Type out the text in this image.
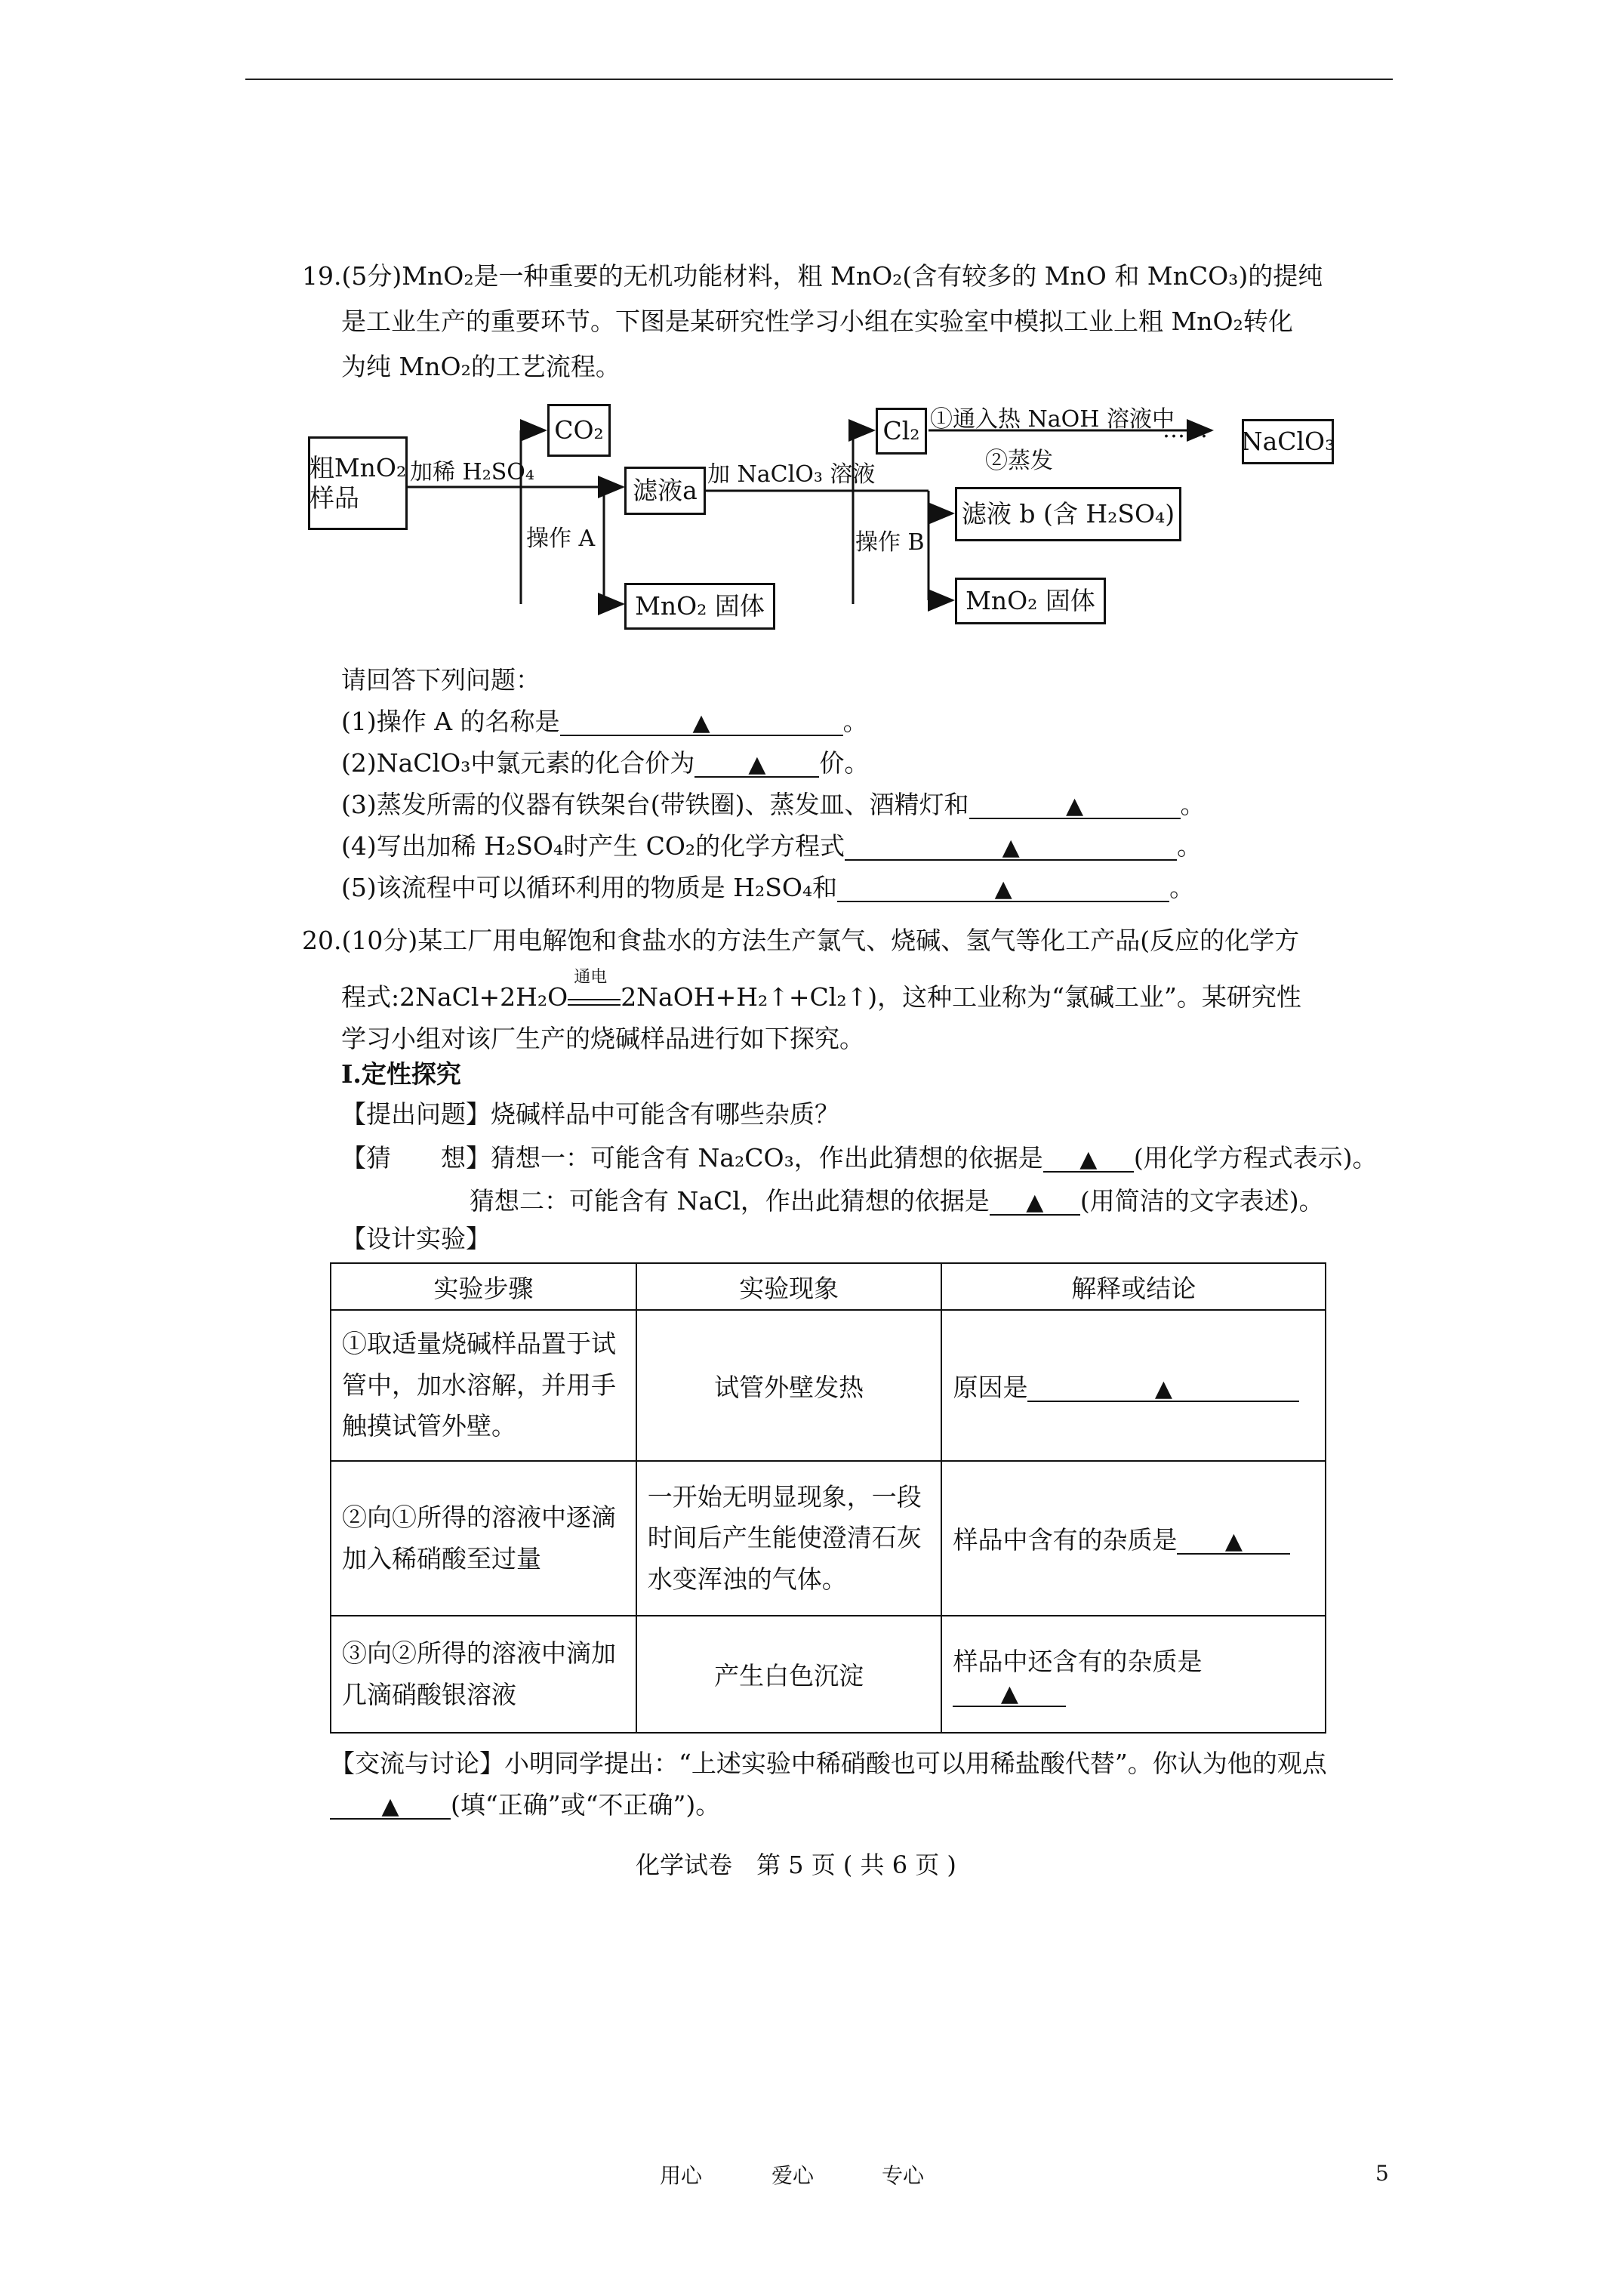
19.(5分)MnO₂是一种重要的无机功能材料，粗 MnO₂(含有较多的 MnO 和 MnCO₃)的提纯
是工业生产的重要环节。下图是某研究性学习小组在实验室中模拟工业上粗 MnO₂转化
为纯 MnO₂的工艺流程。
粗MnO₂
样品
加稀 H₂SO₄
CO₂
操作 A
滤液a
MnO₂ 固体
加 NaClO₃ 溶液
Cl₂ ①通入热 NaOH 溶液中
②蒸发
…… NaClO₃
操作 B
滤液 b (含 H₂SO₄)
MnO₂ 固体
请回答下列问题：
(1)操作 A 的名称是	▲	。
(2)NaClO₃中氯元素的化合价为 ▲ 价。
(3)蒸发所需的仪器有铁架台(带铁圈)、蒸发皿、酒精灯和	▲	。
(4)写出加稀 H₂SO₄时产生 CO₂的化学方程式	▲	。
(5)该流程中可以循环利用的物质是 H₂SO₄和	▲	。
20.(10分)某工厂用电解饱和食盐水的方法生产氯气、烧碱、氢气等化工产品(反应的化学方
程式:2NaCl+2H₂O
通电
2NaOH+H₂↑+Cl₂↑)，这种工业称为“氯碱工业”。某研究性
学习小组对该厂生产的烧碱样品进行如下探究。
Ⅰ.定性探究
【提出问题】烧碱样品中可能含有哪些杂质？
【猜　　想】猜想一：可能含有 Na₂CO₃，作出此猜想的依据是 ▲ (用化学方程式表示)。
猜想二：可能含有 NaCl，作出此猜想的依据是 ▲ (用简洁的文字表述)。
【设计实验】
实验步骤	实验现象	解释或结论
①取适量烧碱样品置于试管中，加水溶解，并用手触摸试管外壁。	试管外壁发热	原因是 ▲
②向①所得的溶液中逐滴加入稀硝酸至过量	一开始无明显现象，一段时间后产生能使澄清石灰水变浑浊的气体。	样品中含有的杂质是 ▲
③向②所得的溶液中滴加几滴硝酸银溶液	产生白色沉淀	样品中还含有的杂质是▲
【交流与讨论】小明同学提出：“上述实验中稀硝酸也可以用稀盐酸代替”。你认为他的观点
▲ (填“正确”或“不正确”)。
化学试卷　第 5 页 ( 共 6 页 )
用心	爱心	专心	5
